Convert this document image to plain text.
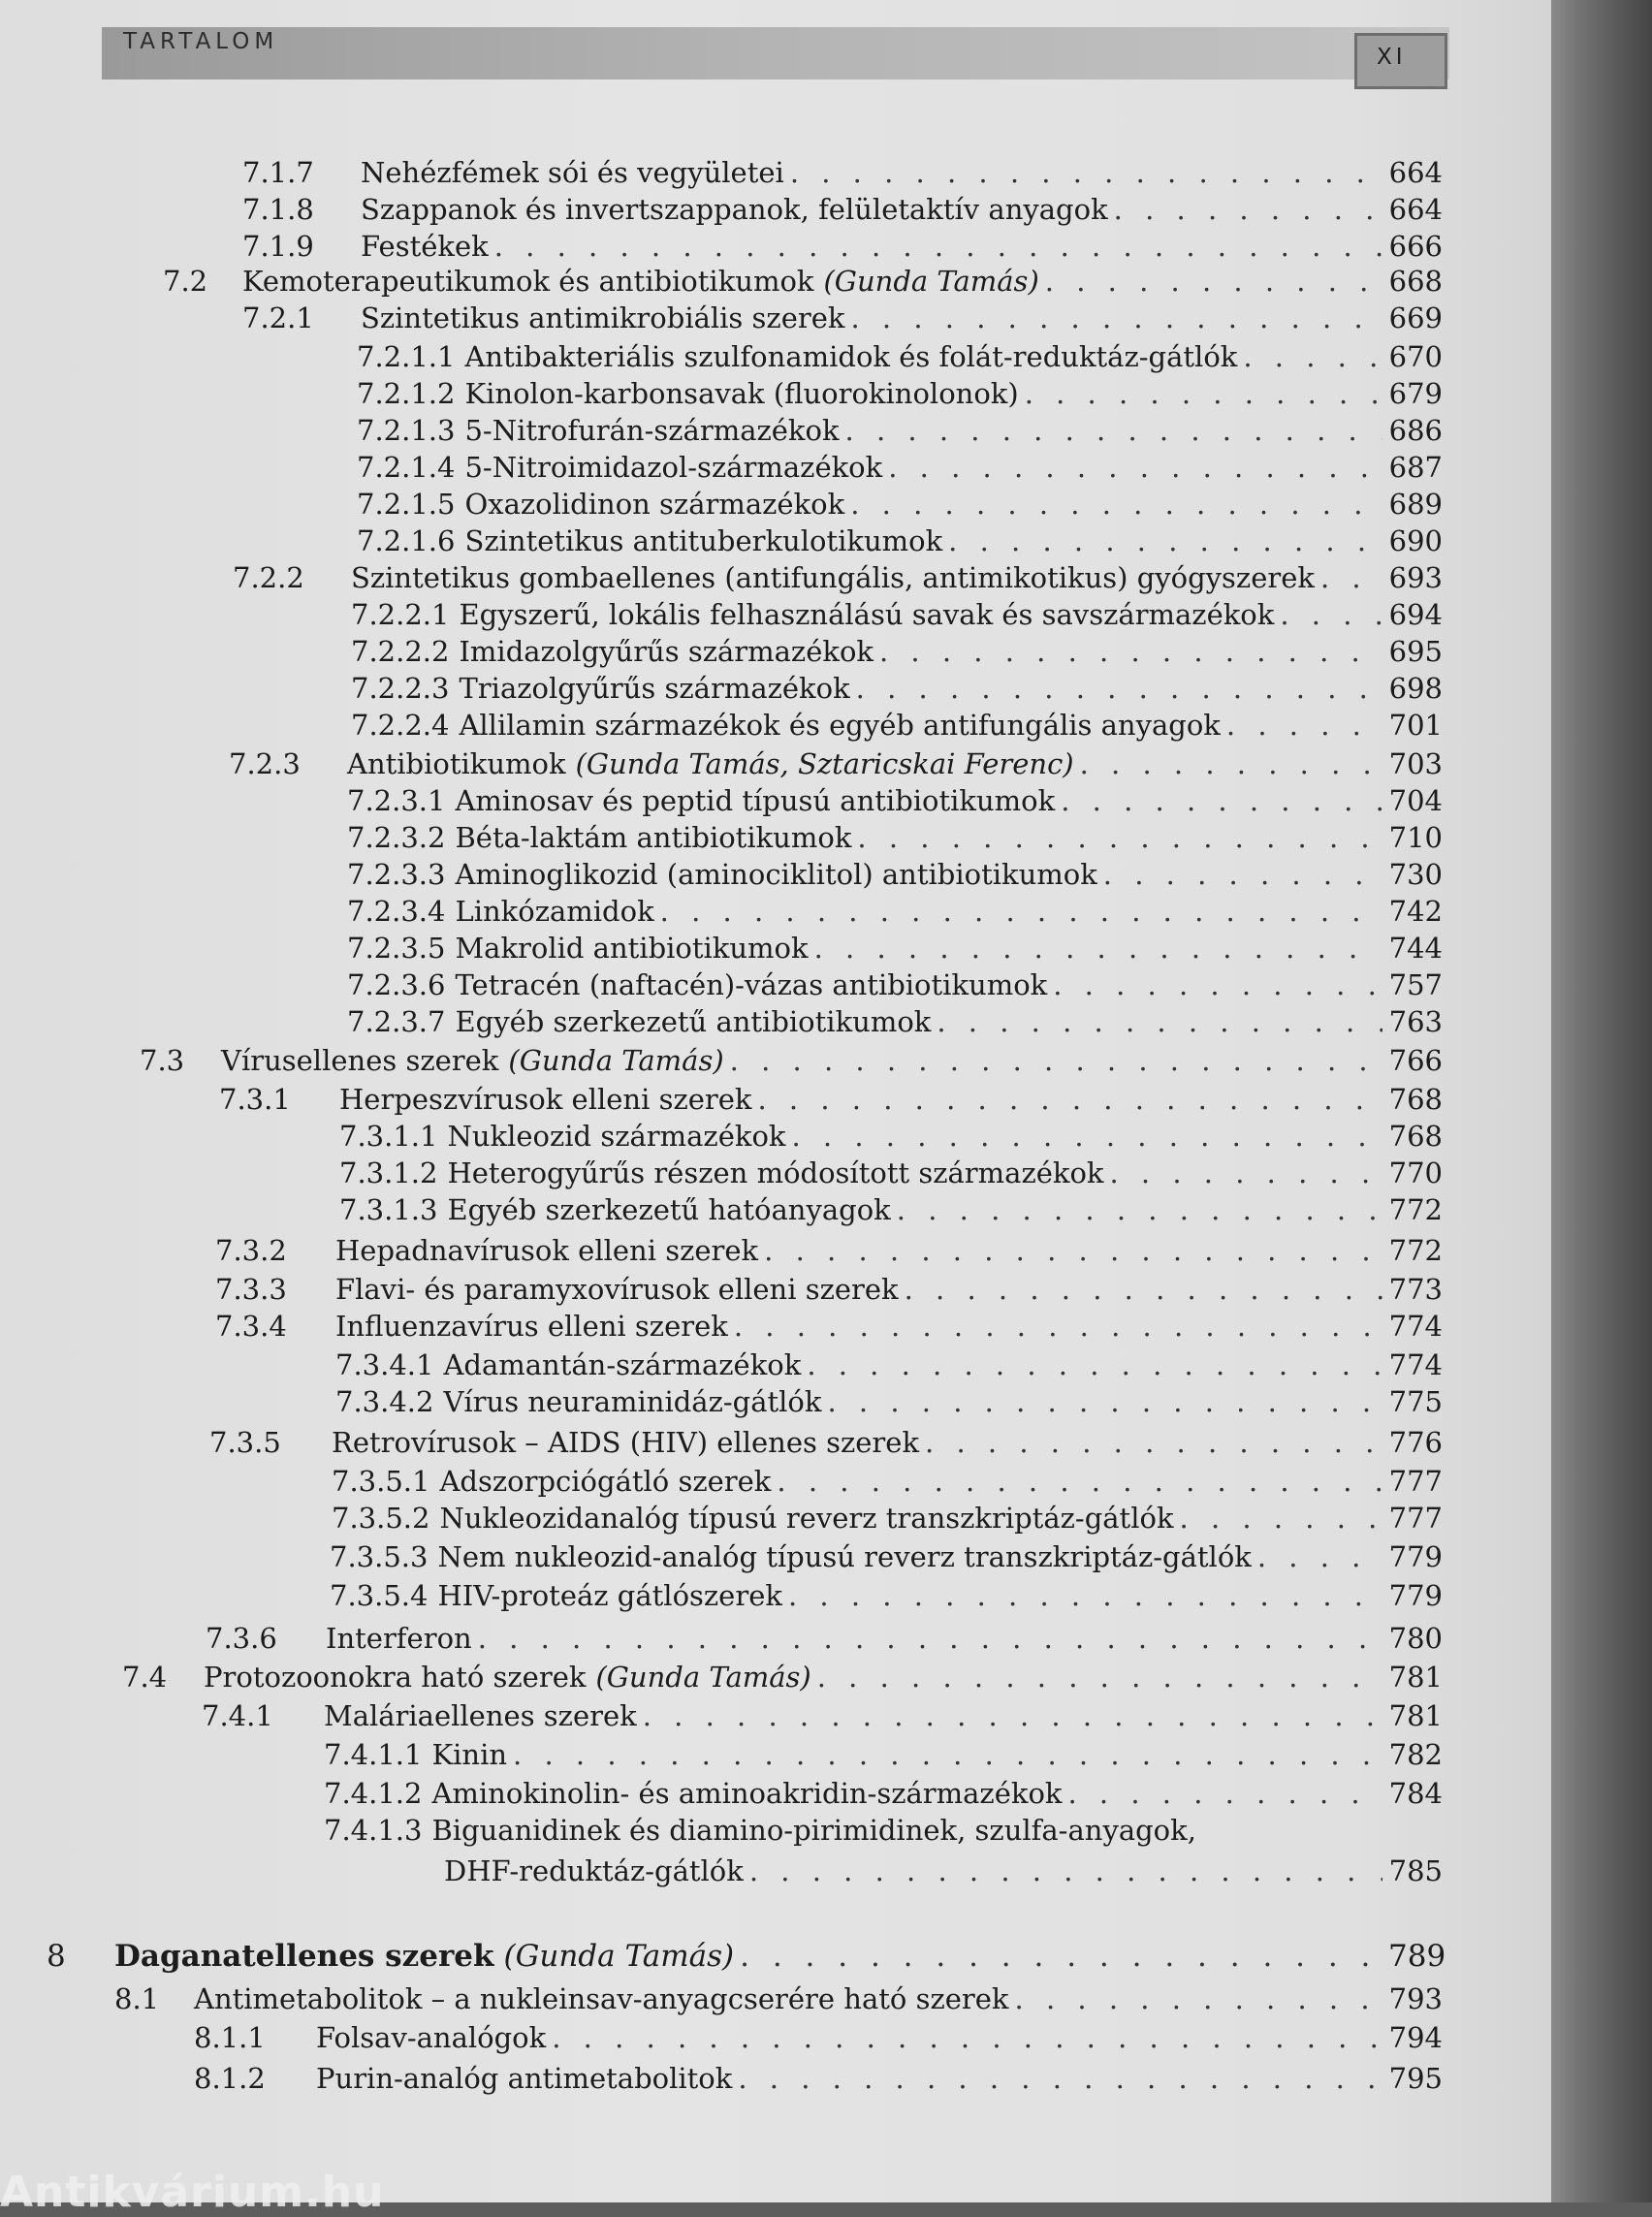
TARTALOM
XI
7.1.7	Nehézfémek sói és vegyületei . . .	664
7.1.8	Szappanok és invertszappanok, felületaktív anyagok . . .	664
7.1.9	Festékek . . .	666
7.2	Kemoterapeutikumok és antibiotikumok (Gunda Tamás) . . .	668
7.2.1	Szintetikus antimikrobiális szerek . . .	669
7.2.1.1 Antibakteriális szulfonamidok és folát-reduktáz-gátlók . . .	670
7.2.1.2 Kinolon-karbonsavak (fluorokinolonok) . . .	679
7.2.1.3 5-Nitrofurán-származékok . . .	686
7.2.1.4 5-Nitroimidazol-származékok . . .	687
7.2.1.5 Oxazolidinon származékok . . .	689
7.2.1.6 Szintetikus antituberkulotikumok . . .	690
7.2.2	Szintetikus gombaellenes (antifungális, antimikotikus) gyógyszerek . . .	693
7.2.2.1 Egyszerű, lokális felhasználású savak és savszármazékok . . .	694
7.2.2.2 Imidazolgyűrűs származékok . . .	695
7.2.2.3 Triazolgyűrűs származékok . . .	698
7.2.2.4 Allilamin származékok és egyéb antifungális anyagok . . .	701
7.2.3	Antibiotikumok (Gunda Tamás, Sztaricskai Ferenc) . . .	703
7.2.3.1 Aminosav és peptid típusú antibiotikumok . . .	704
7.2.3.2 Béta-laktám antibiotikumok . . .	710
7.2.3.3 Aminoglikozid (aminociklitol) antibiotikumok . . .	730
7.2.3.4 Linkózamidok . . .	742
7.2.3.5 Makrolid antibiotikumok . . .	744
7.2.3.6 Tetracén (naftacén)-vázas antibiotikumok . . .	757
7.2.3.7 Egyéb szerkezetű antibiotikumok . . .	763
7.3	Vírusellenes szerek (Gunda Tamás) . . .	766
7.3.1	Herpeszvírusok elleni szerek . . .	768
7.3.1.1 Nukleozid származékok . . .	768
7.3.1.2 Heterogyűrűs részen módosított származékok . . .	770
7.3.1.3 Egyéb szerkezetű hatóanyagok . . .	772
7.3.2	Hepadnavírusok elleni szerek . . .	772
7.3.3	Flavi- és paramyxovírusok elleni szerek . . .	773
7.3.4	Influenzavírus elleni szerek . . .	774
7.3.4.1 Adamantán-származékok . . .	774
7.3.4.2 Vírus neuraminidáz-gátlók . . .	775
7.3.5	Retrovírusok – AIDS (HIV) ellenes szerek . . .	776
7.3.5.1 Adszorpciógátló szerek . . .	777
7.3.5.2 Nukleozidanalóg típusú reverz transzkriptáz-gátlók . . .	777
7.3.5.3 Nem nukleozid-analóg típusú reverz transzkriptáz-gátlók . . .	779
7.3.5.4 HIV-proteáz gátlószerek . . .	779
7.3.6	Interferon . . .	780
7.4	Protozoonokra ható szerek (Gunda Tamás) . . .	781
7.4.1	Maláriaellenes szerek . . .	781
7.4.1.1 Kinin . . .	782
7.4.1.2 Aminokinolin- és aminoakridin-származékok . . .	784
7.4.1.3 Biguanidinek és diamino-pirimidinek, szulfa-anyagok,
DHF-reduktáz-gátlók . . .	785
8	Daganatellenes szerek (Gunda Tamás) . . .	789
8.1	Antimetabolitok – a nukleinsav-anyagcserére ható szerek . . .	793
8.1.1	Folsav-analógok . . .	794
8.1.2	Purin-analóg antimetabolitok . . .	795
Antikvárium.hu
